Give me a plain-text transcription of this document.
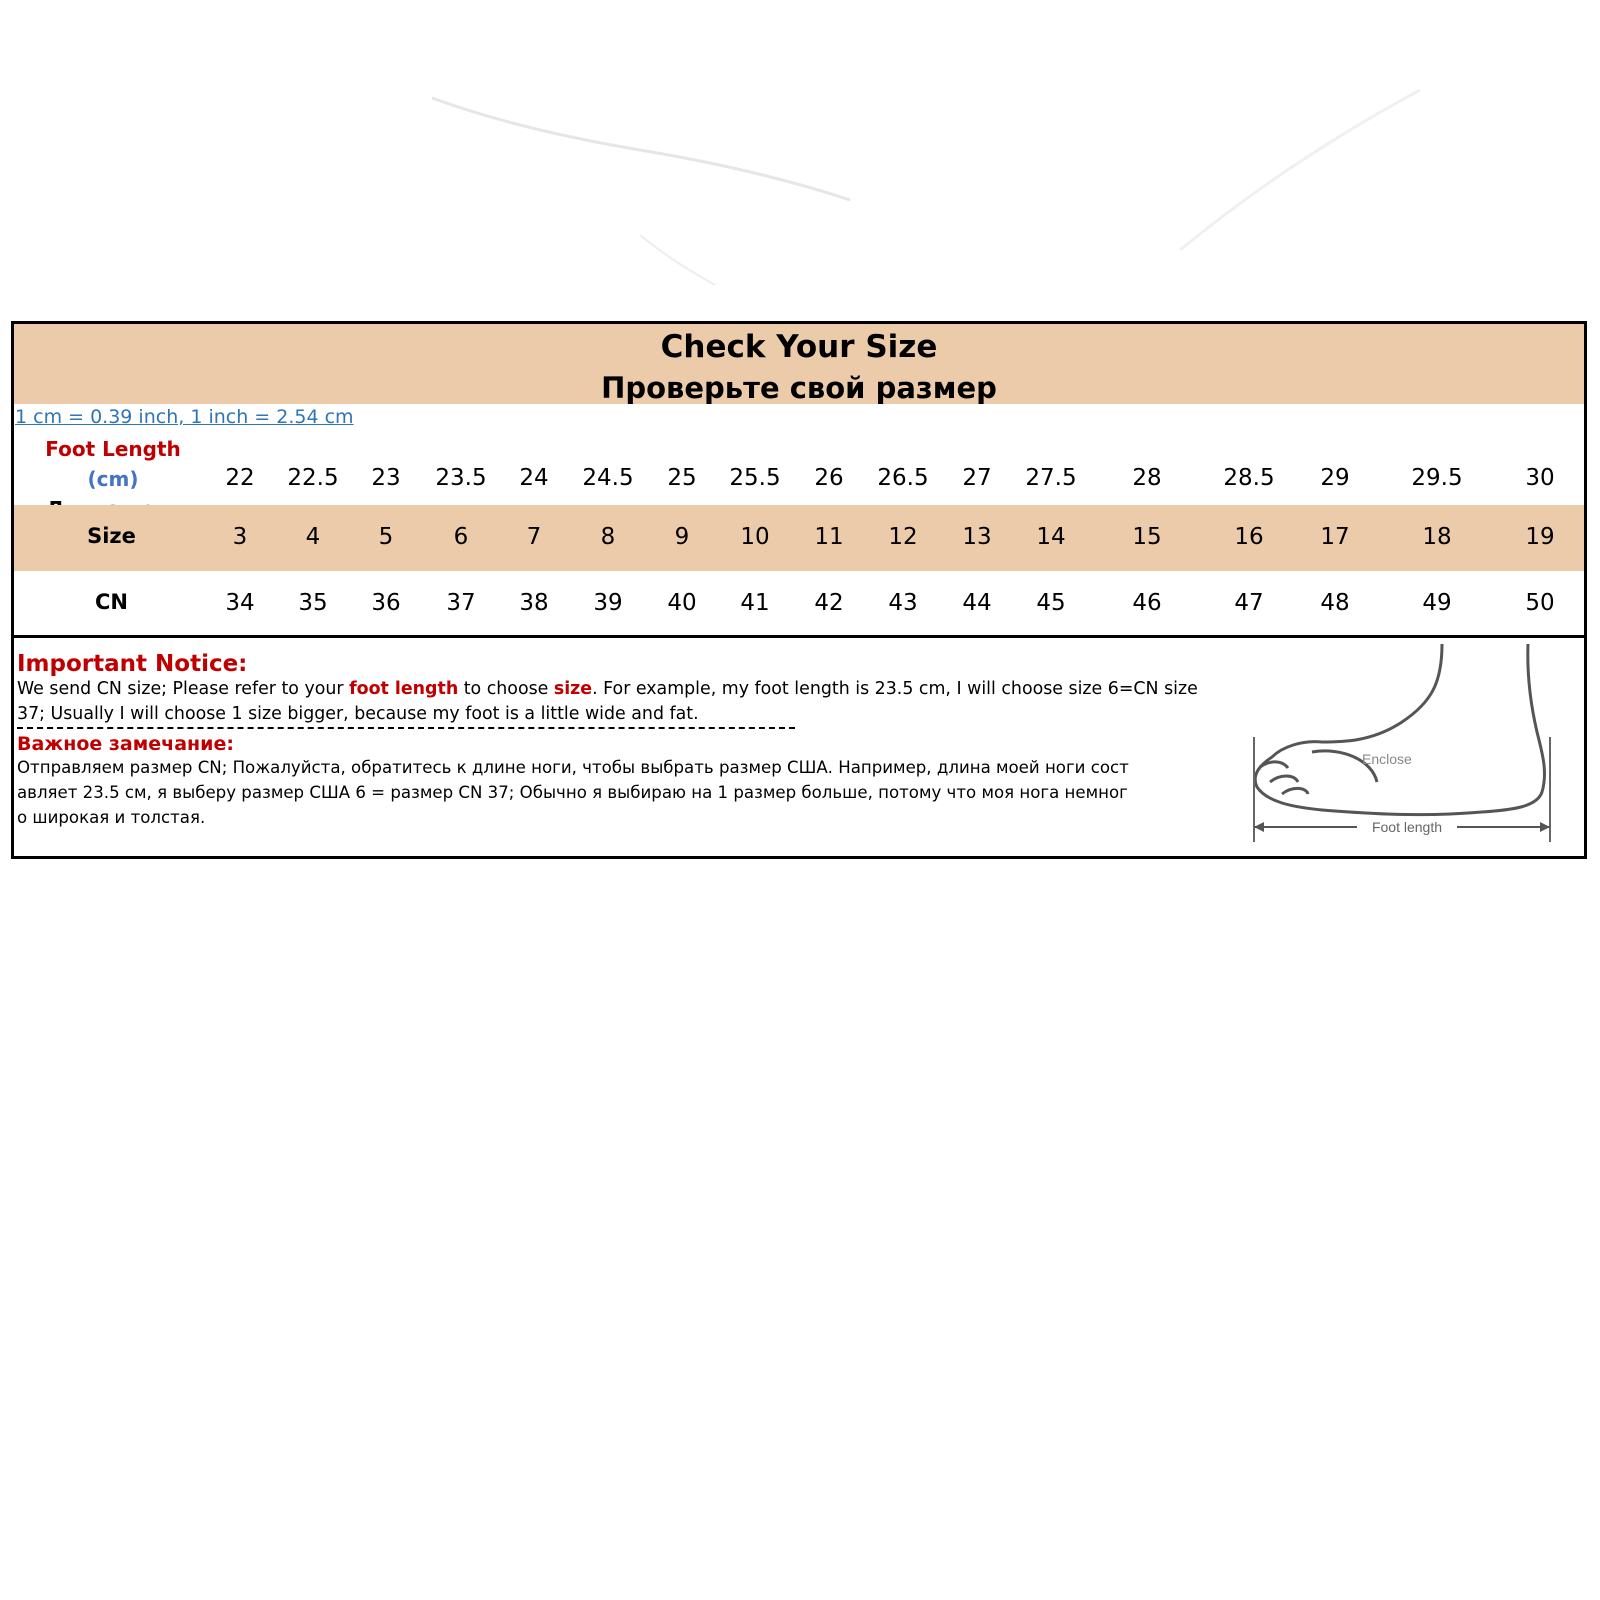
Check Your Size
Проверьте свой размер
1 cm = 0.39 inch, 1 inch = 2.54 cm
Foot Length (cm)	22 22.5 23 23.5 24 24.5 25 25.5 26 26.5 27 27.5 28	28.5 29	29.5	30
Size	3	4	5	6	7	8	9 10 11 12 13 14	15	16 17	18	19
CN	34 35 36 37 38 39 40 41 42 43 44 45	46	47 48	49	50
Important Notice:
We send CN size; Please refer to your foot length to choose size. For example, my foot length is 23.5 cm, I will choose size 6=CN size
37; Usually I will choose 1 size bigger, because my foot is a little wide and fat.
Важное замечание:
Отправляем размер CN; Пожалуйста, обратитесь к длине ноги, чтобы выбрать размер США. Например, длина моей ноги сост
авляет 23.5 см, я выберу размер США 6 = размер CN 37; Обычно я выбираю на 1 размер больше, потому что моя нога немног
о широкая и толстая.	Foot length
Enclose
